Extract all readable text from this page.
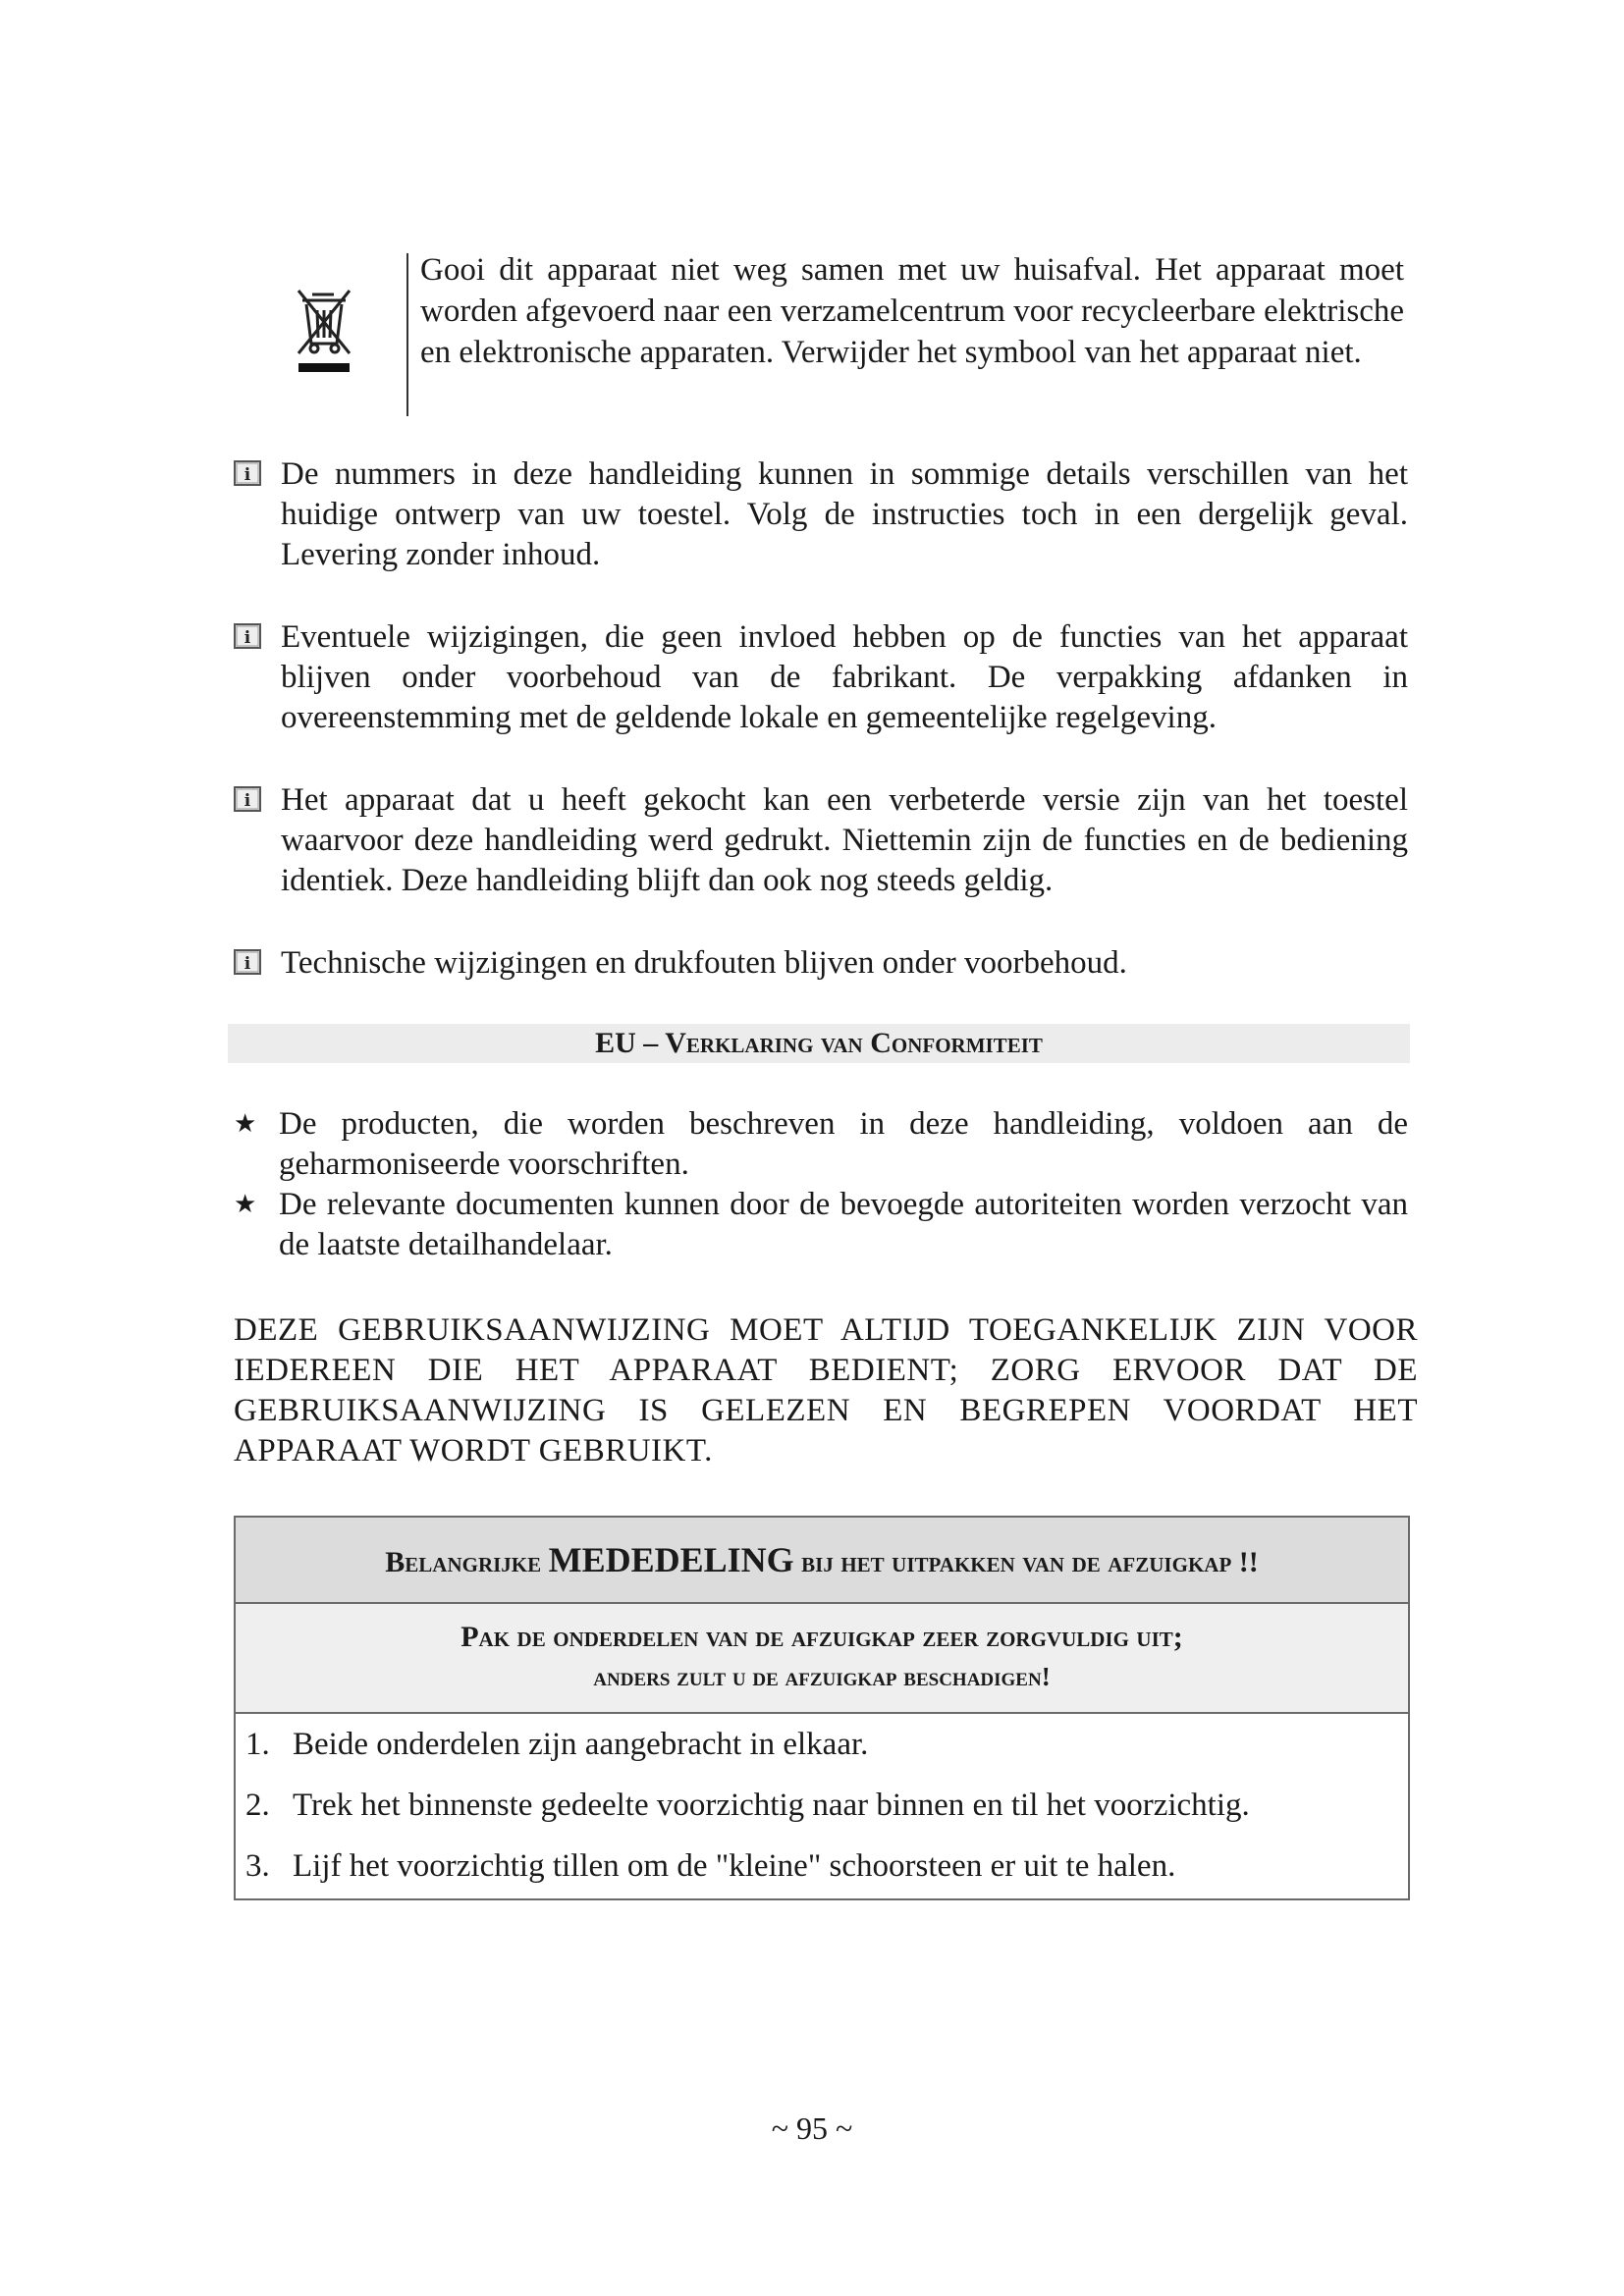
Gooi dit apparaat niet weg samen met uw huisafval. Het apparaat moet worden afgevoerd naar een verzamelcentrum voor recycleerbare elektrische en elektronische apparaten. Verwijder het symbool van het apparaat niet.
i De nummers in deze handleiding kunnen in sommige details verschillen van het huidige ontwerp van uw toestel. Volg de instructies toch in een dergelijk geval. Levering zonder inhoud.
i Eventuele wijzigingen, die geen invloed hebben op de functies van het apparaat blijven onder voorbehoud van de fabrikant. De verpakking afdanken in overeenstemming met de geldende lokale en gemeentelijke regelgeving.
i Het apparaat dat u heeft gekocht kan een verbeterde versie zijn van het toestel waarvoor deze handleiding werd gedrukt. Niettemin zijn de functies en de bediening identiek. Deze handleiding blijft dan ook nog steeds geldig.
i Technische wijzigingen en drukfouten blijven onder voorbehoud.
EU – Verklaring van Conformiteit
★ De producten, die worden beschreven in deze handleiding, voldoen aan de geharmoniseerde voorschriften.
★ De relevante documenten kunnen door de bevoegde autoriteiten worden verzocht van de laatste detailhandelaar.
DEZE GEBRUIKSAANWIJZING MOET ALTIJD TOEGANKELIJK ZIJN VOOR IEDEREEN DIE HET APPARAAT BEDIENT; ZORG ERVOOR DAT DE GEBRUIKSAANWIJZING IS GELEZEN EN BEGREPEN VOORDAT HET APPARAAT WORDT GEBRUIKT.
Belangrijke MEDEDELING bij het uitpakken van de afzuigkap !!
Pak de onderdelen van de afzuigkap zeer zorgvuldig uit;
anders zult u de afzuigkap beschadigen!
1. Beide onderdelen zijn aangebracht in elkaar.
2. Trek het binnenste gedeelte voorzichtig naar binnen en til het voorzichtig.
3. Lijf het voorzichtig tillen om de "kleine" schoorsteen er uit te halen.
~ 95 ~
